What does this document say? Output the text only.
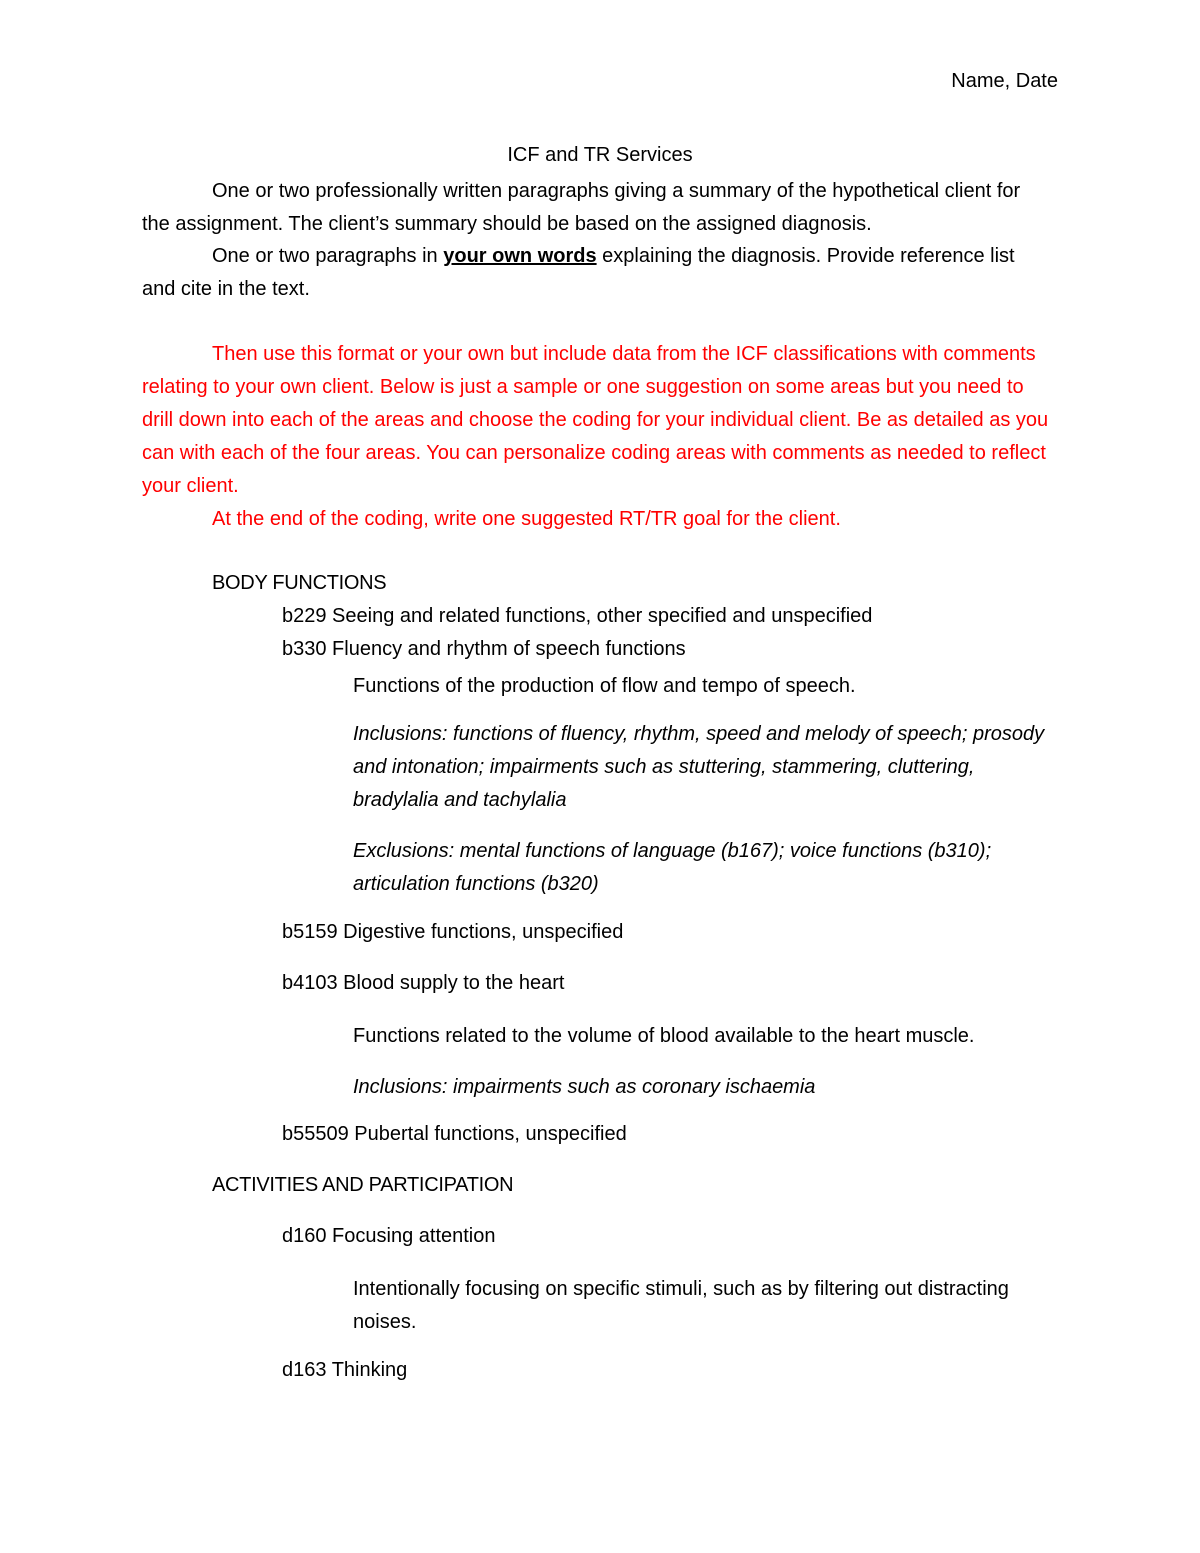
Name, Date
ICF and TR Services
One or two professionally written paragraphs giving a summary of the hypothetical client for the assignment. The client’s summary should be based on the assigned diagnosis.
One or two paragraphs in your own words explaining the diagnosis. Provide reference list and cite in the text.
Then use this format or your own but include data from the ICF classifications with comments relating to your own client. Below is just a sample or one suggestion on some areas but you need to drill down into each of the areas and choose the coding for your individual client. Be as detailed as you can with each of the four areas. You can personalize coding areas with comments as needed to reflect your client.
At the end of the coding, write one suggested RT/TR goal for the client.
BODY FUNCTIONS
b229 Seeing and related functions, other specified and unspecified
b330 Fluency and rhythm of speech functions
Functions of the production of flow and tempo of speech.
Inclusions: functions of fluency, rhythm, speed and melody of speech; prosody and intonation; impairments such as stuttering, stammering, cluttering, bradylalia and tachylalia
Exclusions: mental functions of language (b167); voice functions (b310); articulation functions (b320)
b5159 Digestive functions, unspecified
b4103 Blood supply to the heart
Functions related to the volume of blood available to the heart muscle.
Inclusions: impairments such as coronary ischaemia
b55509 Pubertal functions, unspecified
ACTIVITIES AND PARTICIPATION
d160 Focusing attention
Intentionally focusing on specific stimuli, such as by filtering out distracting noises.
d163 Thinking
